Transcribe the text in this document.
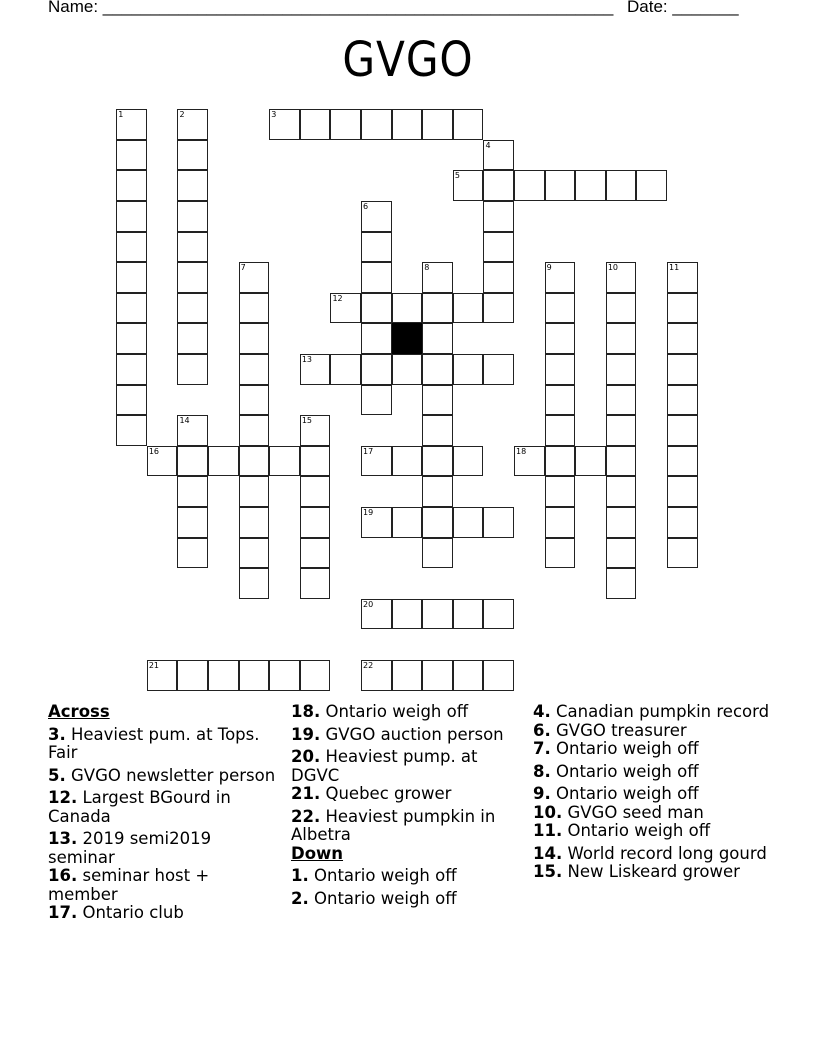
Name: ______________________________________________________

Date: _______

GVGO
1	2	3
4
5
6
7	8	9	10	11
12
13
14	15
16	17	18
19
20
21	22
Across
3. Heaviest pum. at Tops. Fair
5. GVGO newsletter person
12. Largest BGourd in Canada
13. 2019 semi2019 seminar
16. seminar host + member
17. Ontario club
18. Ontario weigh off
19. GVGO auction person
20. Heaviest pump. at DGVC
21. Quebec grower
22. Heaviest pumpkin in Albetra
Down
1. Ontario weigh off
2. Ontario weigh off
4. Canadian pumpkin record
6. GVGO treasurer
7. Ontario weigh off
8. Ontario weigh off
9. Ontario weigh off
10. GVGO seed man
11. Ontario weigh off
14. World record long gourd
15. New Liskeard grower
